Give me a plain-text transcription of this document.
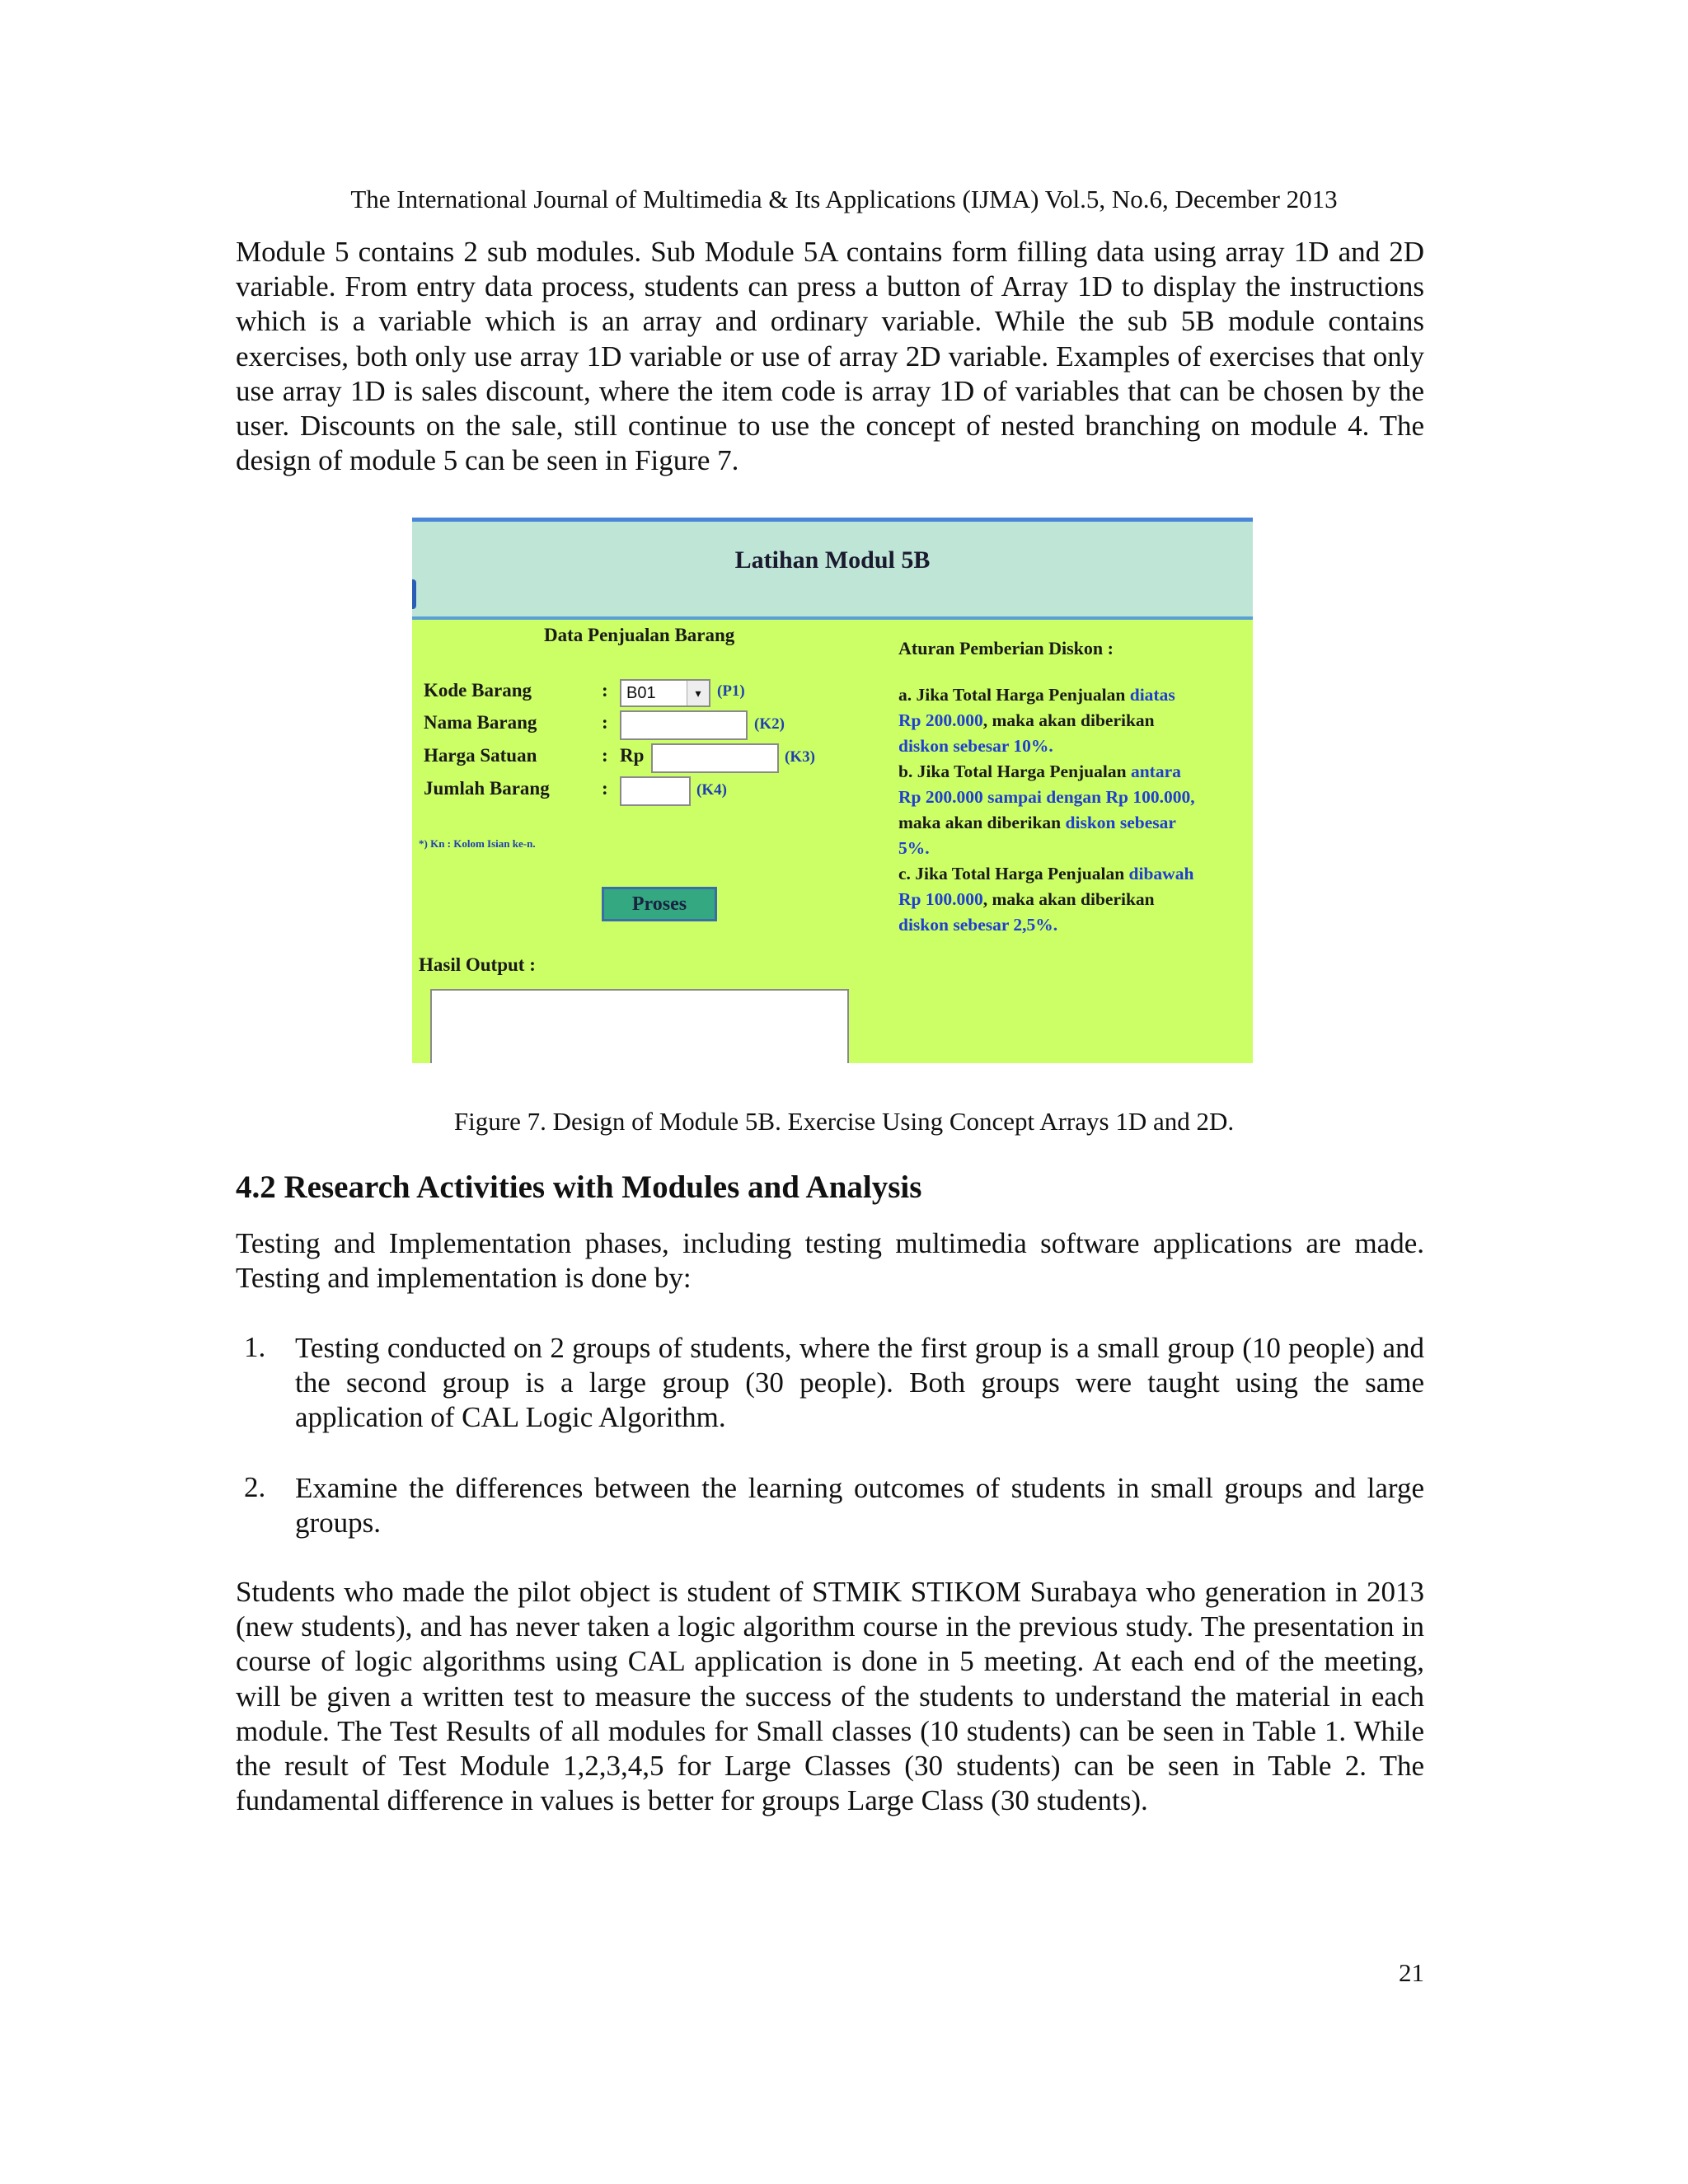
The International Journal of Multimedia & Its Applications (IJMA) Vol.5, No.6, December 2013

Module 5 contains 2 sub modules. Sub Module 5A contains form filling data using array 1D and 2D variable. From entry data process, students can press a button of Array 1D to display the instructions which is a variable which is an array and ordinary variable. While the sub 5B module contains exercises, both only use array 1D variable or use of array 2D variable. Examples of exercises that only use array 1D is sales discount, where the item code is array 1D of variables that can be chosen by the user. Discounts on the sale, still continue to use the concept of nested branching on module 4. The design of module 5 can be seen in Figure 7.

Latihan Modul 5B
Data Penjualan Barang
Kode Barang	:	B01	▾	(P1)
Nama Barang	:	(K2)
Harga Satuan	: Rp	(K3)
Jumlah Barang	:	(K4)
*) Kn : Kolom Isian ke-n.
Proses
Hasil Output :
Aturan Pemberian Diskon :
a. Jika Total Harga Penjualan diatas
Rp 200.000, maka akan diberikan
diskon sebesar 10%.
b. Jika Total Harga Penjualan antara
Rp 200.000 sampai dengan Rp 100.000,
maka akan diberikan diskon sebesar
5%.
c. Jika Total Harga Penjualan dibawah
Rp 100.000, maka akan diberikan
diskon sebesar 2,5%.
Figure 7. Design of Module 5B. Exercise Using Concept Arrays 1D and 2D.
4.2 Research Activities with Modules and Analysis

Testing and Implementation phases, including testing multimedia software applications are made. Testing and implementation is done by:

1. Testing conducted on 2 groups of students, where the first group is a small group (10 people) and the second group is a large group (30 people). Both groups were taught using the same application of CAL Logic Algorithm.

2. Examine the differences between the learning outcomes of students in small groups and large groups.

Students who made the pilot object is student of STMIK STIKOM Surabaya who generation in 2013 (new students), and has never taken a logic algorithm course in the previous study. The presentation in course of logic algorithms using CAL application is done in 5 meeting. At each end of the meeting, will be given a written test to measure the success of the students to understand the material in each module. The Test Results of all modules for Small classes (10 students) can be seen in Table 1. While the result of Test Module 1,2,3,4,5 for Large Classes (30 students) can be seen in Table 2. The fundamental difference in values is better for groups Large Class (30 students).

21
